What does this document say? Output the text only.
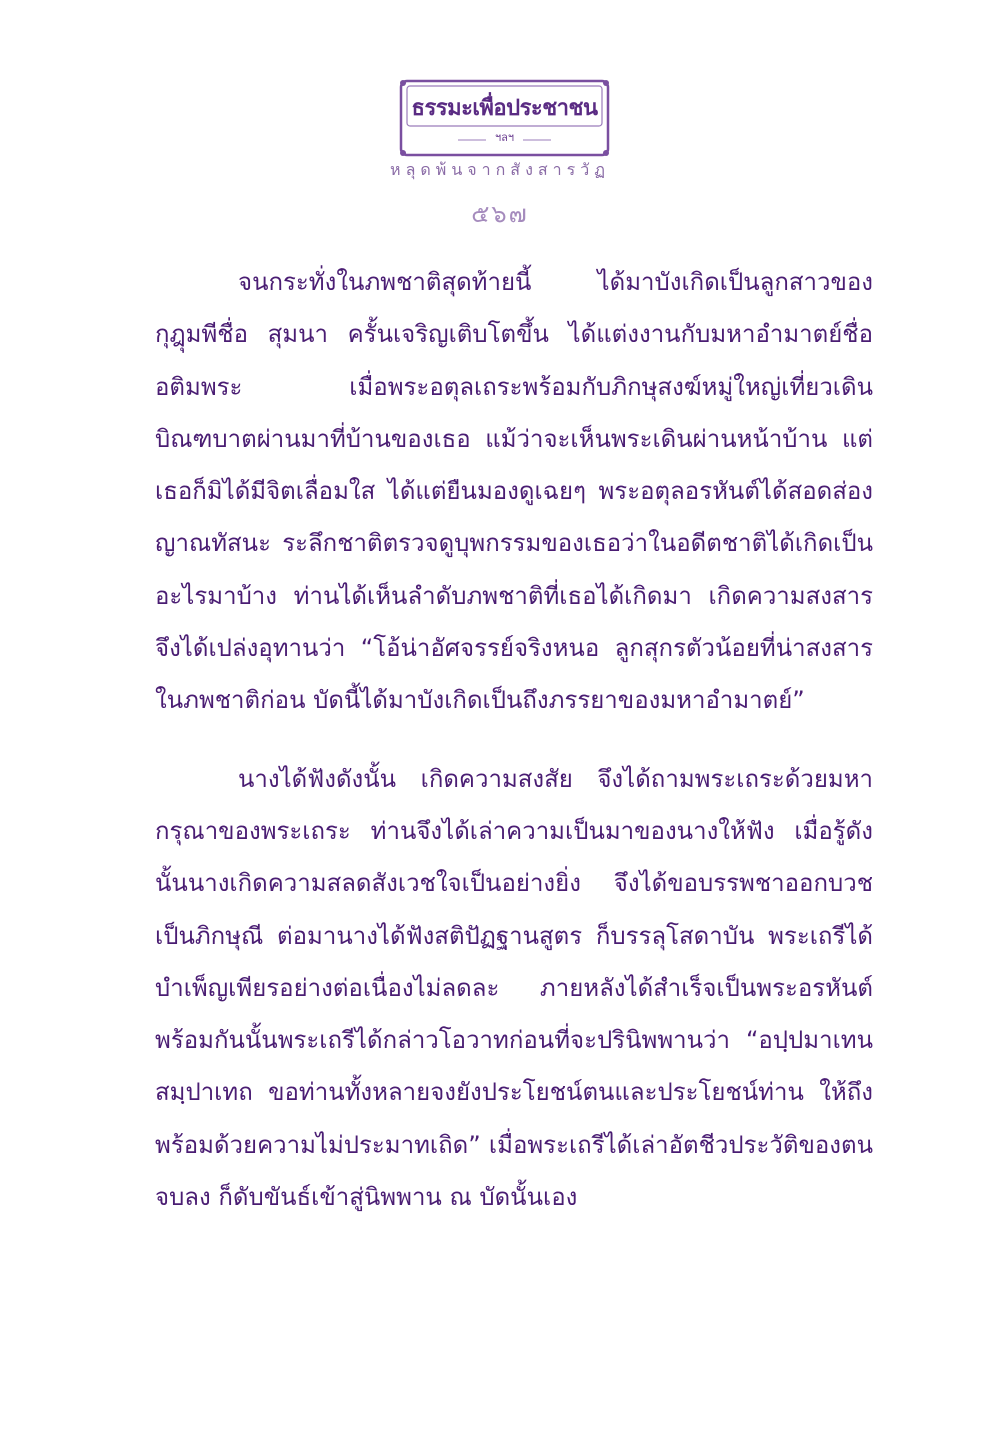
ธรรมะเพื่อประชาชน
ฯลฯ
หลุดพ้นจากสังสารวัฏ
๕๖๗

จนกระทั่งในภพชาติสุดท้ายนี้ ได้มาบังเกิดเป็นลูกสาวของกุฎุมพีชื่อ สุมนา ครั้นเจริญเติบโตขึ้น ได้แต่งงานกับมหาอำมาตย์ชื่อ อติมพระ เมื่อพระอตุลเถระพร้อมกับภิกษุสงฆ์หมู่ใหญ่เที่ยวเดินบิณฑบาตผ่านมาที่บ้านของเธอ แม้ว่าจะเห็นพระเดินผ่านหน้าบ้าน แต่เธอก็มิได้มีจิตเลื่อมใส ได้แต่ยืนมองดูเฉยๆ พระอตุลอรหันต์ได้สอดส่องญาณทัสนะ ระลึกชาติตรวจดูบุพกรรมของเธอว่าในอดีตชาติได้เกิดเป็นอะไรมาบ้าง ท่านได้เห็นลำดับภพชาติที่เธอได้เกิดมา เกิดความสงสาร จึงได้เปล่งอุทานว่า “โอ้น่าอัศจรรย์จริงหนอ ลูกสุกรตัวน้อยที่น่าสงสารในภพชาติก่อน บัดนี้ได้มาบังเกิดเป็นถึงภรรยาของมหาอำมาตย์”

นางได้ฟังดังนั้น เกิดความสงสัย จึงได้ถามพระเถระด้วยมหากรุณาของพระเถระ ท่านจึงได้เล่าความเป็นมาของนางให้ฟัง เมื่อรู้ดังนั้นนางเกิดความสลดสังเวชใจเป็นอย่างยิ่ง จึงได้ขอบรรพชาออกบวชเป็นภิกษุณี ต่อมานางได้ฟังสติปัฏฐานสูตร ก็บรรลุโสดาบัน พระเถรีได้บำเพ็ญเพียรอย่างต่อเนื่องไม่ลดละ ภายหลังได้สำเร็จเป็นพระอรหันต์ พร้อมกันนั้นพระเถรีได้กล่าวโอวาทก่อนที่จะปรินิพพานว่า “อปฺปมาเทน สมฺปาเทถ ขอท่านทั้งหลายจงยังประโยชน์ตนและประโยชน์ท่าน ให้ถึงพร้อมด้วยความไม่ประมาทเถิด” เมื่อพระเถรีได้เล่าอัตชีวประวัติของตนจบลง ก็ดับขันธ์เข้าสู่นิพพาน ณ บัดนั้นเอง
